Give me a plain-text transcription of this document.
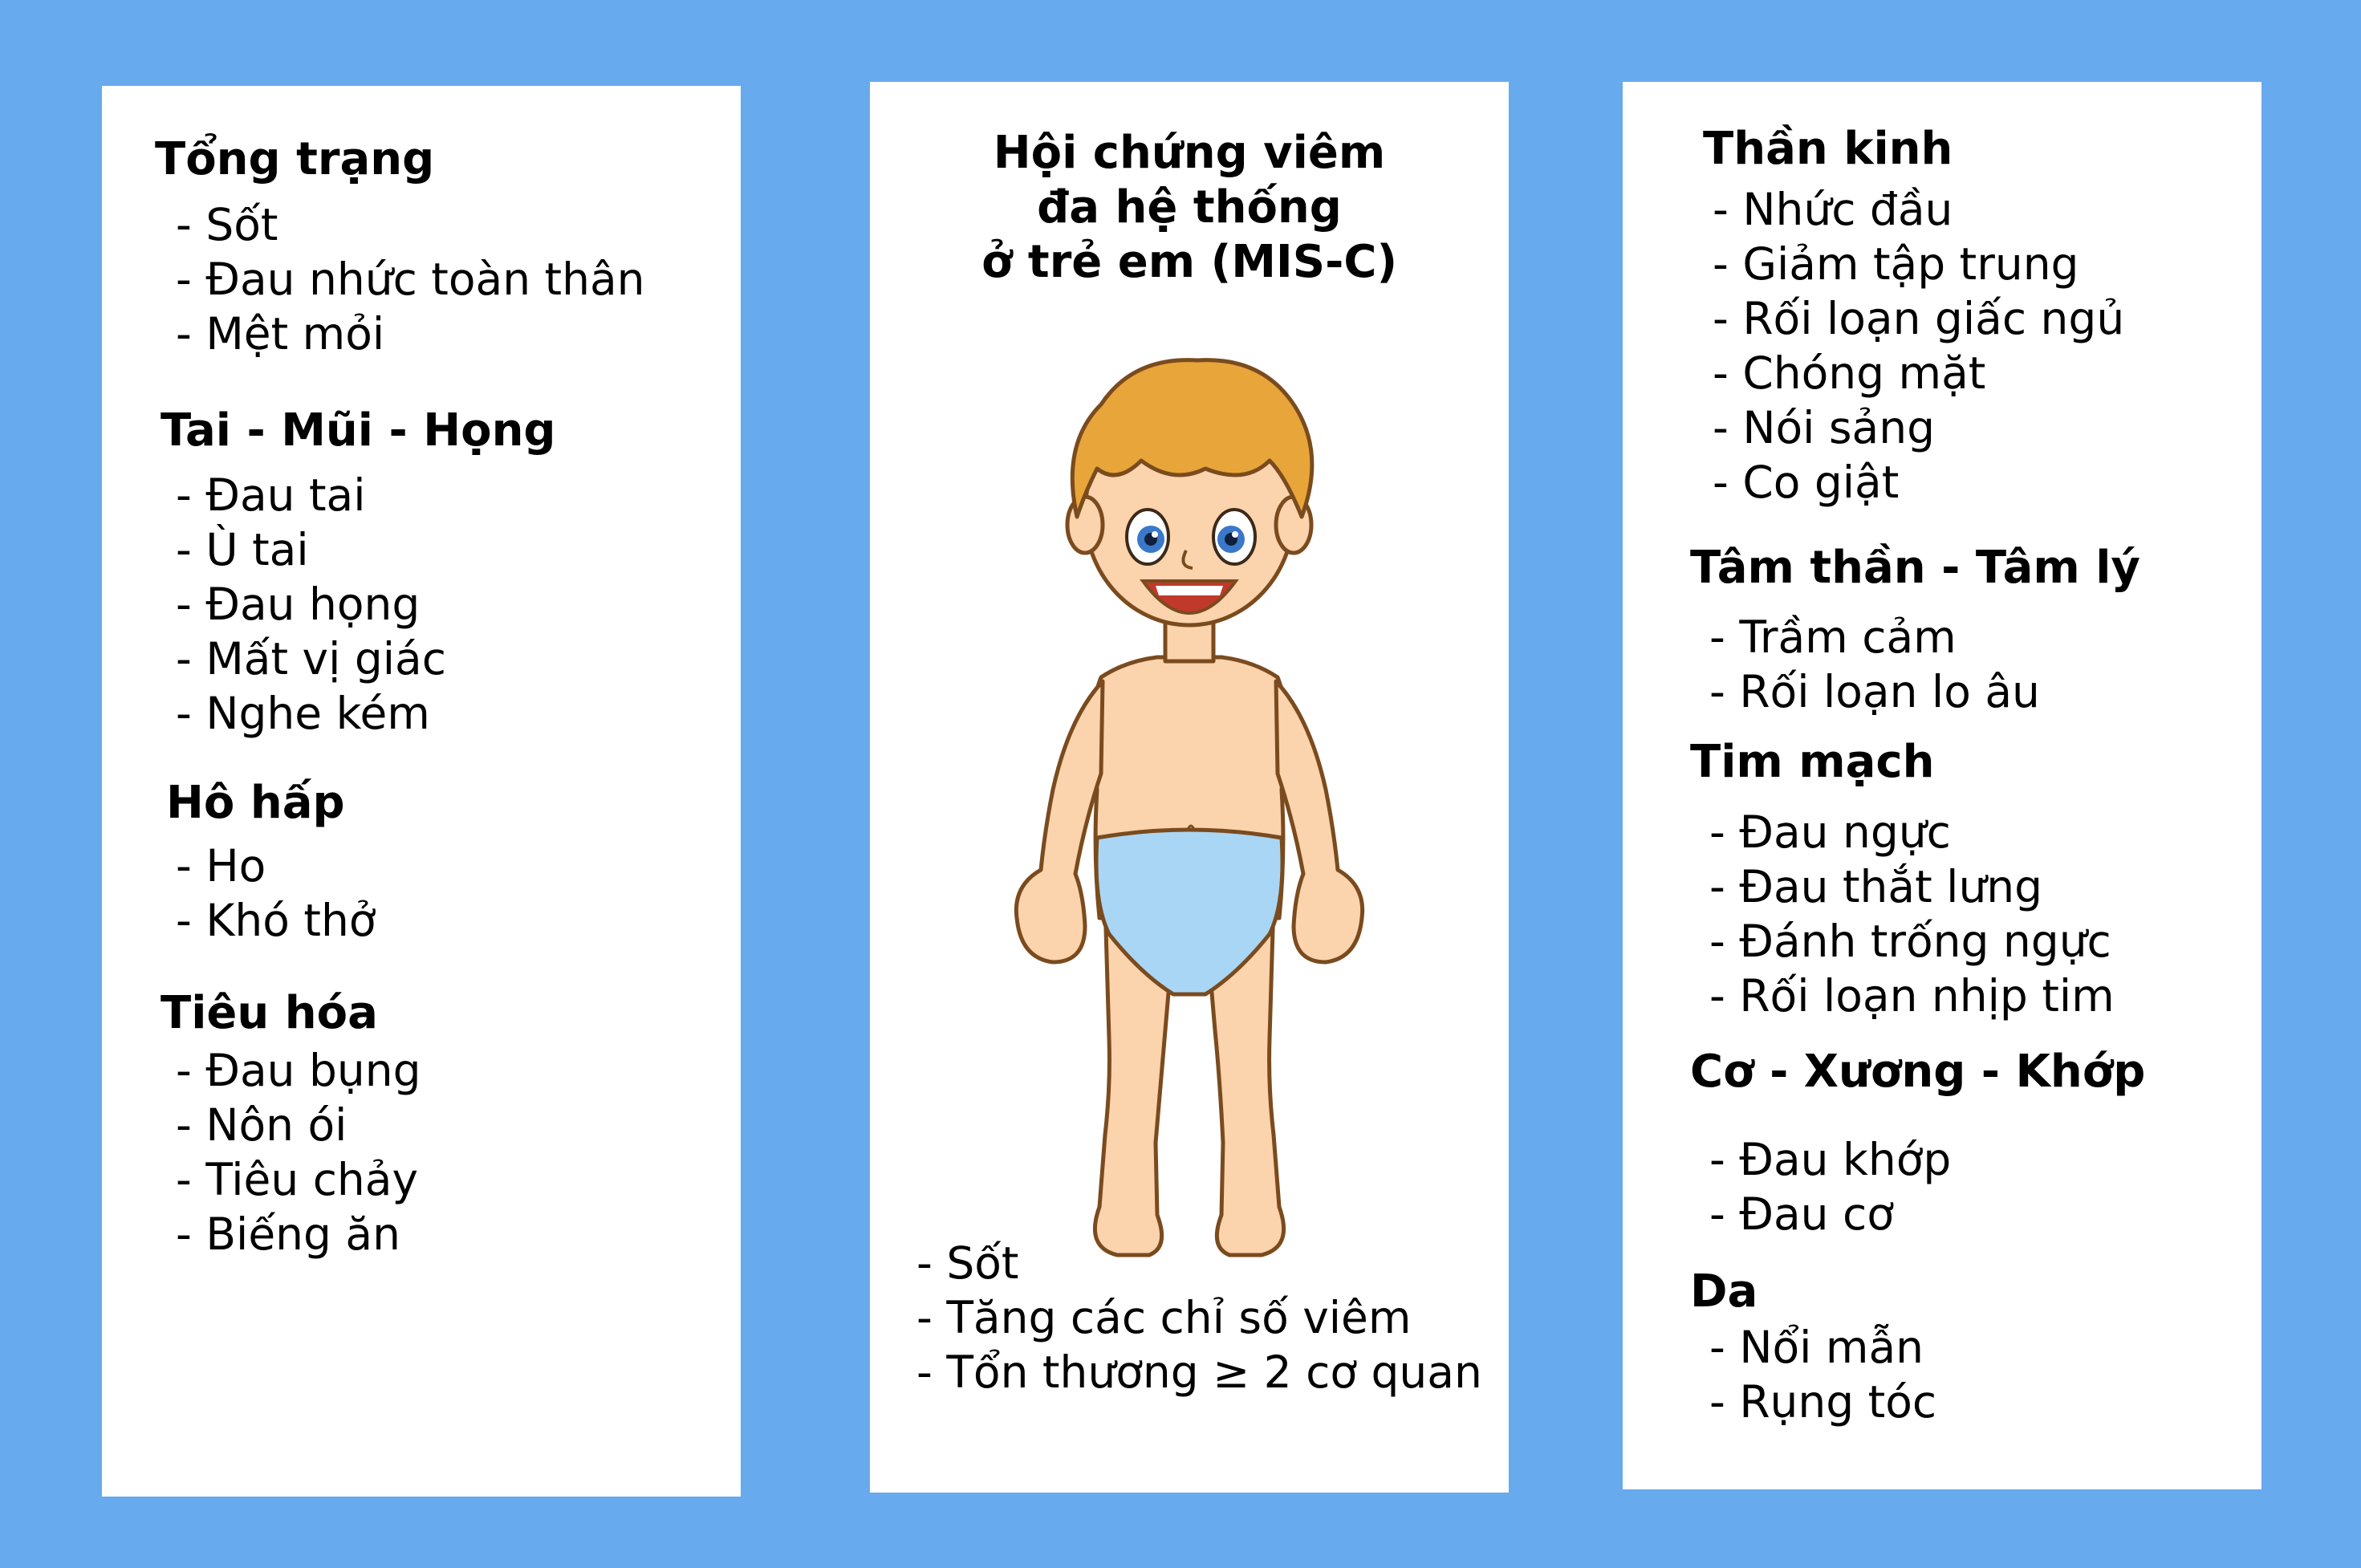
Tổng trạng
- Sốt
- Đau nhức toàn thân
- Mệt mỏi
Tai - Mũi - Họng
- Đau tai
- Ù tai
- Đau họng
- Mất vị giác
- Nghe kém
Hô hấp
- Ho
- Khó thở
Tiêu hóa
- Đau bụng
- Nôn ói
- Tiêu chảy
- Biếng ăn
Hội chứng viêm
đa hệ thống
ở trẻ em (MIS-C)
- Sốt
- Tăng các chỉ số viêm
- Tổn thương ≥ 2 cơ quan
Thần kinh
- Nhức đầu
- Giảm tập trung
- Rối loạn giấc ngủ
- Chóng mặt
- Nói sảng
- Co giật
Tâm thần - Tâm lý
- Trầm cảm
- Rối loạn lo âu
Tim mạch
- Đau ngực
- Đau thắt lưng
- Đánh trống ngực
- Rối loạn nhịp tim
Cơ - Xương - Khớp
- Đau khớp
- Đau cơ
Da
- Nổi mẫn
- Rụng tóc
